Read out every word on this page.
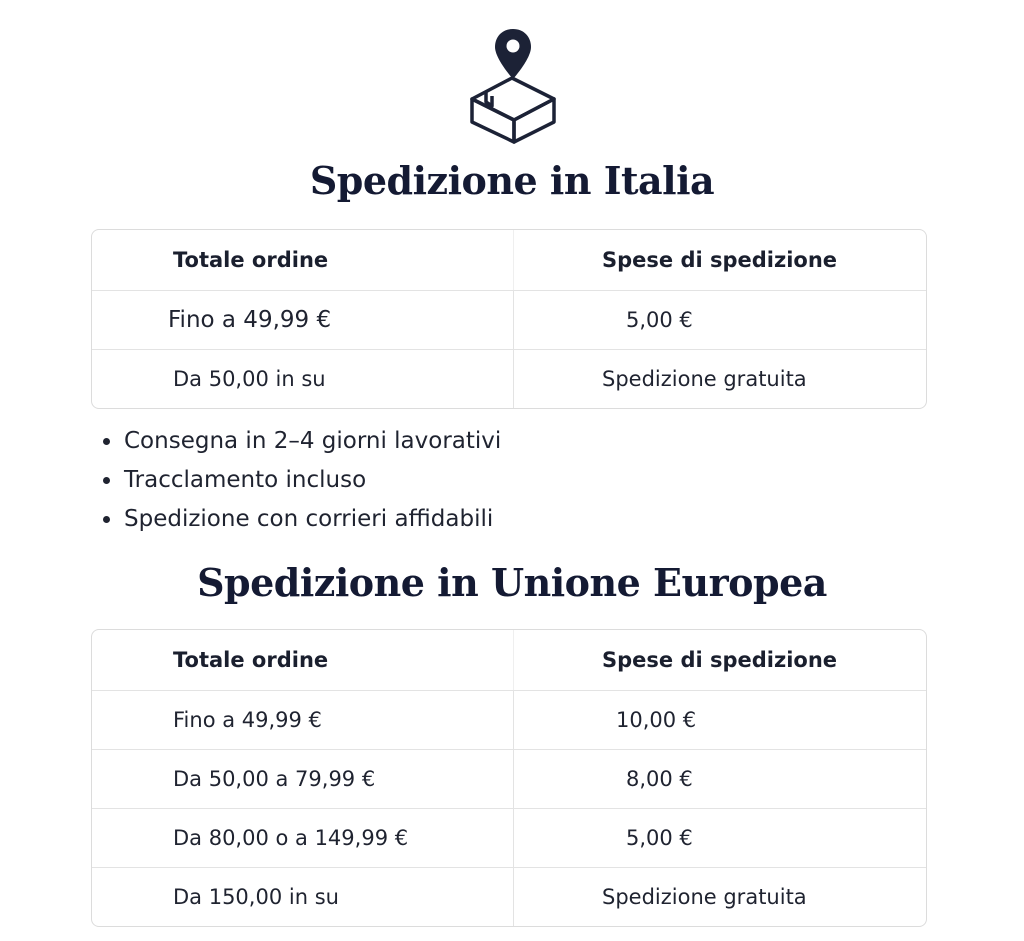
Spedizione in Italia
Totale ordine	Spese di spedizione
Fino a 49,99 €	5,00 €
Da 50,00 in su	Spedizione gratuita
Consegna in 2–4 giorni lavorativi
Tracclamento incluso
Spedizione con corrieri affidabili
Spedizione in Unione Europea
Totale ordine	Spese di spedizione
Fino a 49,99 €	10,00 €
Da 50,00 a 79,99 €	8,00 €
Da 80,00 o a 149,99 €	5,00 €
Da 150,00 in su	Spedizione gratuita
